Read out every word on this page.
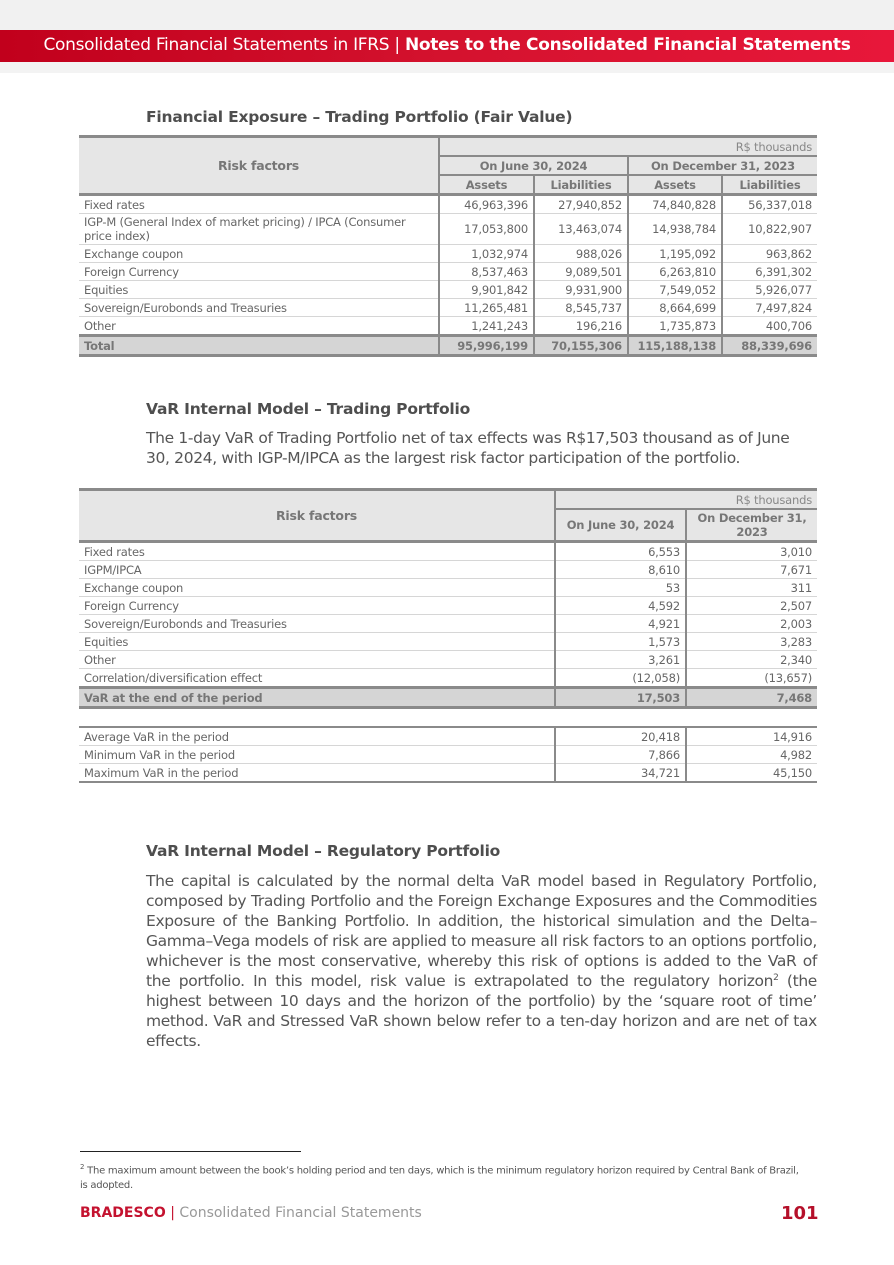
Consolidated Financial Statements in IFRS | Notes to the Consolidated Financial Statements
Financial Exposure – Trading Portfolio (Fair Value)
Risk factors	R$ thousands			
	On June 30, 2024		On December 31, 2023	
	Assets	Liabilities	Assets	Liabilities
Fixed rates	46,963,396	27,940,852	74,840,828	56,337,018
IGP-M (General Index of market pricing) / IPCA (Consumer price index)	17,053,800	13,463,074	14,938,784	10,822,907
Exchange coupon	1,032,974	988,026	1,195,092	963,862
Foreign Currency	8,537,463	9,089,501	6,263,810	6,391,302
Equities	9,901,842	9,931,900	7,549,052	5,926,077
Sovereign/Eurobonds and Treasuries	11,265,481	8,545,737	8,664,699	7,497,824
Other	1,241,243	196,216	1,735,873	400,706
Total	95,996,199	70,155,306	115,188,138	88,339,696
VaR Internal Model – Trading Portfolio
The 1-day VaR of Trading Portfolio net of tax effects was R$17,503 thousand as of June 30, 2024, with IGP-M/IPCA as the largest risk factor participation of the portfolio.
Risk factors	R$ thousands	
	On June 30, 2024	On December 31, 2023
Fixed rates	6,553	3,010
IGPM/IPCA	8,610	7,671
Exchange coupon	53	311
Foreign Currency	4,592	2,507
Sovereign/Eurobonds and Treasuries	4,921	2,003
Equities	1,573	3,283
Other	3,261	2,340
Correlation/diversification effect	(12,058)	(13,657)
VaR at the end of the period	17,503	7,468
Average VaR in the period	20,418	14,916
Minimum VaR in the period	7,866	4,982
Maximum VaR in the period	34,721	45,150
VaR Internal Model – Regulatory Portfolio
The capital is calculated by the normal delta VaR model based in Regulatory Portfolio, composed by Trading Portfolio and the Foreign Exchange Exposures and the Commodities Exposure of the Banking Portfolio. In addition, the historical simulation and the Delta–Gamma–Vega models of risk are applied to measure all risk factors to an options portfolio, whichever is the most conservative, whereby this risk of options is added to the VaR of the portfolio. In this model, risk value is extrapolated to the regulatory horizon$^2$ (the highest between 10 days and the horizon of the portfolio) by the ‘square root of time’ method. VaR and Stressed VaR shown below refer to a ten-day horizon and are net of tax effects.
$^2$ The maximum amount between the book’s holding period and ten days, which is the minimum regulatory horizon required by Central Bank of Brazil, is adopted.
BRADESCO | Consolidated Financial Statements	101
